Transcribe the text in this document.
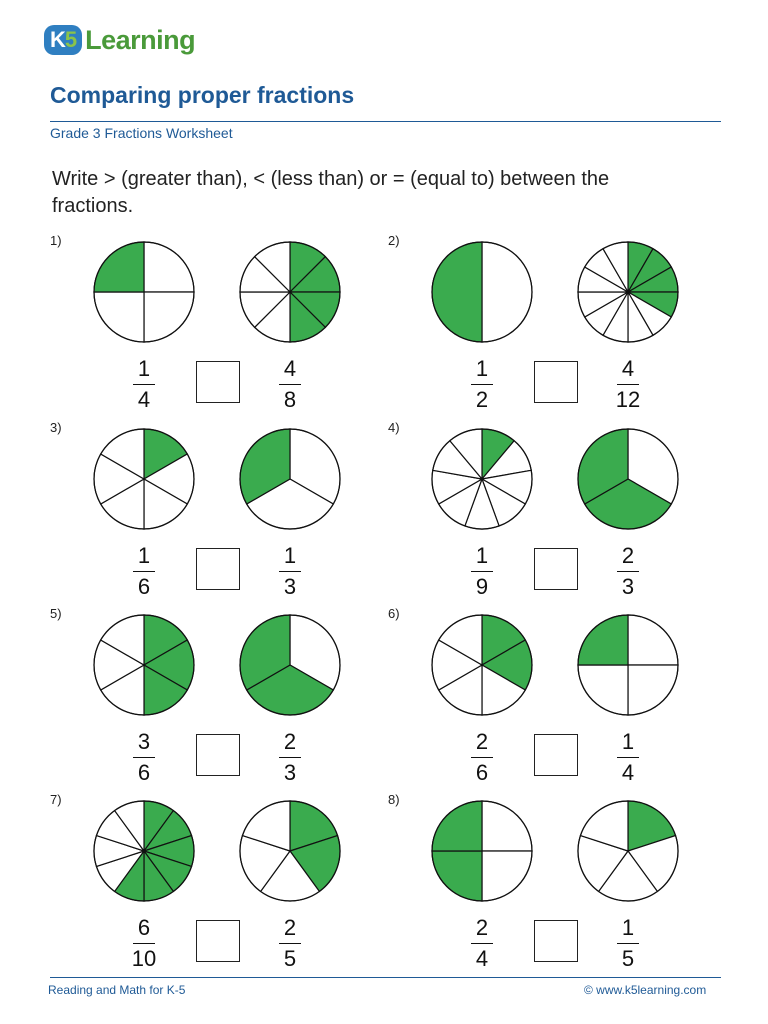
K5 Learning
Comparing proper fractions
Grade 3 Fractions Worksheet

Write > (greater than), < (less than) or = (equal to) between the fractions.

1)
1
4
4
8
2)
1
2
4
12
3)
1
6
1
3
4)
1
9
2
3
5)
3
6
2
3
6)
2
6
1
4
7)
6
10
2
5
8)
2
4
1
5
Reading and Math for K-5	© www.k5learning.com
